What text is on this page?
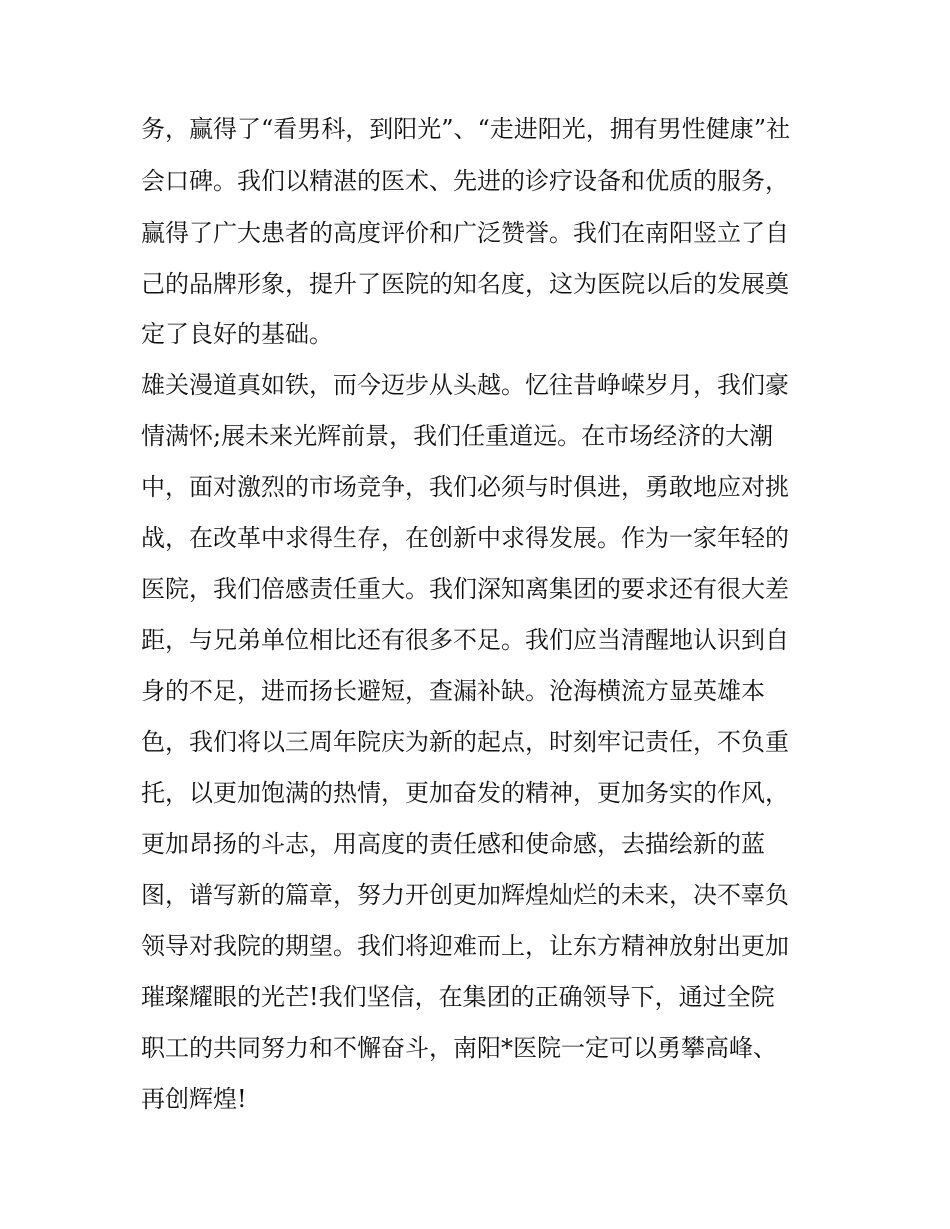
务，赢得了“看男科，到阳光”、“走进阳光，拥有男性健康”社
会口碑。我们以精湛的医术、先进的诊疗设备和优质的服务，
赢得了广大患者的高度评价和广泛赞誉。我们在南阳竖立了自
己的品牌形象，提升了医院的知名度，这为医院以后的发展奠
定了良好的基础。
雄关漫道真如铁，而今迈步从头越。忆往昔峥嵘岁月，我们豪
情满怀;展未来光辉前景，我们任重道远。在市场经济的大潮
中，面对激烈的市场竞争，我们必须与时俱进，勇敢地应对挑
战，在改革中求得生存，在创新中求得发展。作为一家年轻的
医院，我们倍感责任重大。我们深知离集团的要求还有很大差
距，与兄弟单位相比还有很多不足。我们应当清醒地认识到自
身的不足，进而扬长避短，查漏补缺。沧海横流方显英雄本
色，我们将以三周年院庆为新的起点，时刻牢记责任，不负重
托，以更加饱满的热情，更加奋发的精神，更加务实的作风，
更加昂扬的斗志，用高度的责任感和使命感，去描绘新的蓝
图，谱写新的篇章，努力开创更加辉煌灿烂的未来，决不辜负
领导对我院的期望。我们将迎难而上，让东方精神放射出更加
璀璨耀眼的光芒!我们坚信，在集团的正确领导下，通过全院
职工的共同努力和不懈奋斗，南阳*医院一定可以勇攀高峰、
再创辉煌!
